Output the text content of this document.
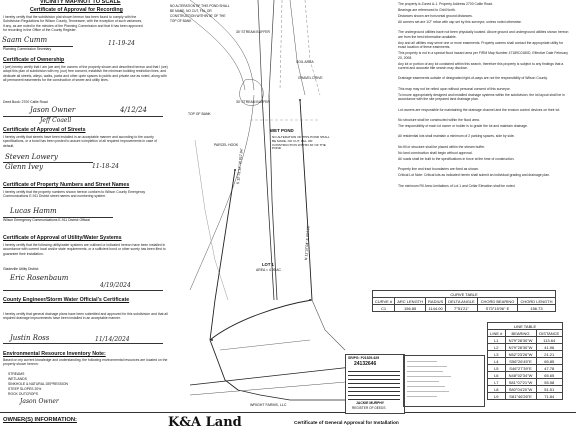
VICINITY MAP/NOT TO SCALE
Certificate of Approval for Recording
I hereby certify that the subdivision plat shown hereon has been found to comply with the Subdivision Regulations for Wilson County, Tennessee, with the exception of such variances, if any, as are noted in the minutes of the Planning Commission and that it has been approved for recording in the Office of the County Register.
Saam Cumm
Planning Commission Secretary
11-19-24
Certificate of Ownership
I (we) hereby certify that I am (we are) the owners of the property shown and described hereon and that I (we) adopt this plan of subdivision with my (our) free consent, establish the minimum building restriction lines, and dedicate all streets, alleys, walks, parks and other open spaces to public and private use as noted, along with all permanent easements for the construction of sewer and utility lines.
Deed Book: 2700 Callie Road
Jason Owner	4/12/24
Jeff Coaell
Certificate of Approval of Streets
I hereby certify that streets have been installed in an acceptable manner and according to the county specifications, or a bond has been posted to assure completion of all required improvements in case of default.
Steven Lowery
Glenn Ivey	11-18-24
Certificate of Property Numbers and Street Names
I hereby certify that the property numbers shown hereon conform to Wilson County Emergency Communications E-911 District street names and numbering system.
Lucas Hamm
Wilson Emergency Communications E-911 District Official
Certificate of Approval of Utility/Water Systems
I hereby certify that the following utility/water systems are outlined or indicated hereon have been installed in accordance with current local and/or state requirements, or a sufficient bond or other surety has been filed to guarantee their installation.
Gladeville Utility District
Eric Rosenbaum
4/19/2024
County Engineer/Storm Water Official's Certificate
I hereby certify that general drainage plans have been submitted and approved for this subdivision and that all required drainage improvements have been installed in an acceptable manner.
Justin Ross	11/14/2024
Environmental Resource Inventory Note:
Based on my current knowledge and understanding, the following environmental resources are located on the property shown hereon:
STREAMS
WETLANDS
SINKHOLE & NATURAL DEPRESSION
STEEP SLOPES 20%
ROCK OUTCROPS
Jason Owner
OWNER(S) INFORMATION:	K&A Land	Certificate of General Approval for Installation
NO ALTERATION OF THIS POND SHALL BE MADE, NO CUT, FILL OR CONSTRUCTION WITHIN 30' OF THE TOP OF BANK
30' STREAM BUFFER
TOP OF BANK
30' STREAM BUFFER
WET POND
NO ALTERATION OF THIS POND SHALL BE MADE, NO CUT, FILL OR CONSTRUCTION WITHIN 30' OF THE POND
GRAVEL DRIVE
SOIL AREA
PARCEL HOOK
S 12°31'12" W 817.84'
N 11°37'04" E 804.66'
LOT 1
AREA = 4.99 AC
WRIGHT FARMS, LLC
SR/PG: P21529-629
24132646
JACKIE MURPHY
REGISTER OF DEEDS
The property is Zoned A-1. Property Address 2700 Callie Road.
Bearings are referenced to Grid North.
Distances shown are horizontal ground distances.
All corners set are 1/2" rebar with cap set by this surveyor, unless noted otherwise.
The underground utilities have not been physically located. Above ground and underground utilities shown hereon are from the best information available.
Any and all utilities may serve one or more easements. Property owners shall contact the appropriate utility for exact location of these easements.
This property is not in a special flood hazard area per FIRM Map Number 47189C0180D, Effective Date February 20, 2008.
Any lot or portion of any lot contained within this search, therefore this property is subject to any findings that a current and accurate title search may disclose.
Drainage easements outside of designated right-of-ways are not the responsibility of Wilson County.
This map may not be relied upon without personal consent of this surveyor.
To insure appropriately designed and installed drainage systems within the subdivision, the lot layout shall be in accordance with the site prepared land drainage plan.
Lot owners are responsible for maintaining the drainage channel and the erosion control devices on their lot.
No structure shall be constructed within the flood area.
The responsibility of each lot owner or holder is to grade the lot and maintain drainage.
All residential lots shall maintain a minimum of 2 parking spaces, side by side.
No fill or structure shall be placed within the stream buffer.
No land construction shall begin without approval.
All roads shall be built to the specifications in force at the time of construction.
Property line and tract boundaries are fixed as shown.
Critical Lot Note: Critical lots as indicated herein shall submit an individual grading and drainage plan.
The minimum Fill Area Limitations of Lot 1 and Cellar Elevation shall be noted.
CURVE TABLE					
CURVE #	ARC LENGTH	RADIUS	DELTA ANGLE	CHORD BEARING	CHORD LENGTH
C1	156.85	1144.00	7°51'21"	S73°15'06" E	156.73
LINE TABLE		
LINE #	BEARING	DISTANCE
L1	N79°28'30"W	113.64
L2	N79°28'30"W	41.96
L3	N52°23'26"W	21.21
L4	S56°26'45"E	65.85
L5	S46°27'39"E	47.78
L6	N48°02'34"W	65.65
L7	S81°07'21"W	55.58
L8	S80°04'20"W	51.51
L9	S81°46'26"E	71.84
